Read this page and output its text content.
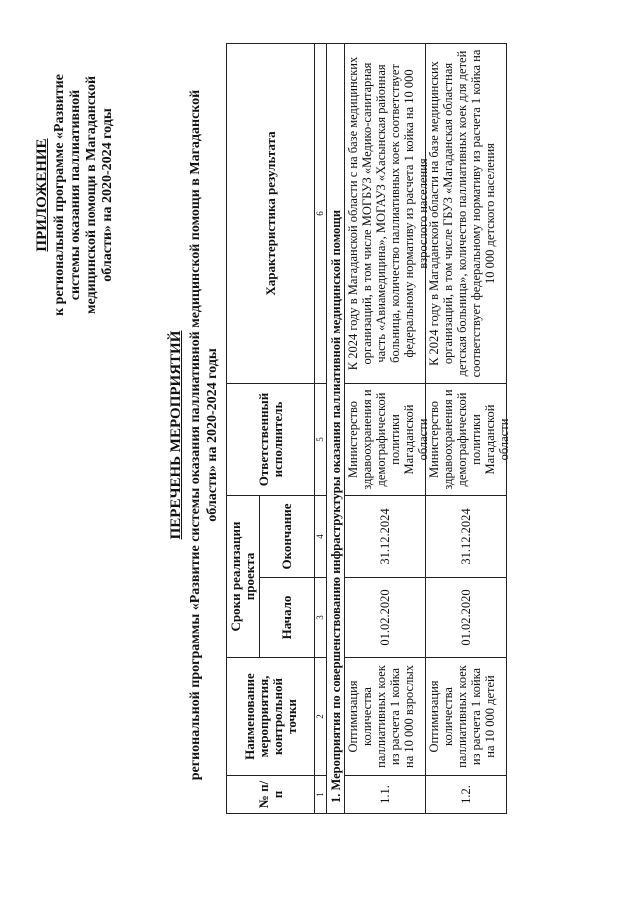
ПРИЛОЖЕНИЕ к региональной программе «Развитие системы оказания паллиативной медицинской помощи в Магаданской области» на 2020-2024 годы
ПЕРЕЧЕНЬ МЕРОПРИЯТИЙ региональной программы «Развитие системы оказания паллиативной медицинской помощи в Магаданской области» на 2020-2024 годы
№ п/п	Наименование мероприятия, контрольной точки	Сроки реализации проекта		Ответственный исполнитель	Характеристика результата
		Начало	Окончание		
1	2	3	4	5	6
1. Мероприятия по совершенствованию инфраструктуры оказания паллиативной медицинской помощи					
1.1.	Оптимизация количества паллиативных коек из расчета 1 койка на 10 000 взрослых	01.02.2020	31.12.2024	Министерство здравоохранения и демографической политики Магаданской области	К 2024 году в Магаданской области с на базе медицинских организаций, в том числе МОГБУЗ «Медико-санитарная часть «Авиамедицина», МОГАУЗ «Хасынская районная больница, количество паллиативных коек соответствует федеральному нормативу из расчета 1 койка на 10 000 взрослого населения

1.2.	Оптимизация количества паллиативных коек из расчета 1 койка на 10 000 детей	01.02.2020	31.12.2024	Министерство здравоохранения и демографической политики Магаданской области	К 2024 году в Магаданской области на базе медицинских организаций, в том числе ГБУЗ «Магаданская областная детская больница», количество паллиативных коек для детей соответствует федеральному нормативу из расчета 1 койка на 10 000 детского населения
